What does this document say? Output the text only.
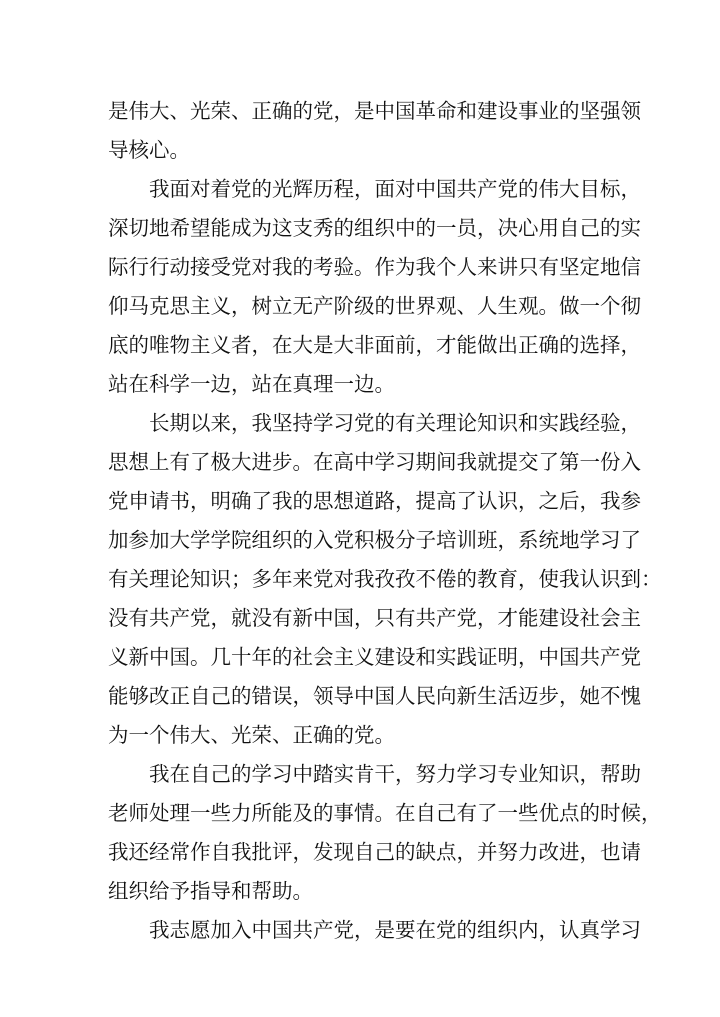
是伟大、光荣、正确的党，是中国革命和建设事业的坚强领
导核心。
我面对着党的光辉历程，面对中国共产党的伟大目标，
深切地希望能成为这支秀的组织中的一员，决心用自己的实
际行行动接受党对我的考验。作为我个人来讲只有坚定地信
仰马克思主义，树立无产阶级的世界观、人生观。做一个彻
底的唯物主义者，在大是大非面前，才能做出正确的选择，
站在科学一边，站在真理一边。
长期以来，我坚持学习党的有关理论知识和实践经验，
思想上有了极大进步。在高中学习期间我就提交了第一份入
党申请书，明确了我的思想道路，提高了认识，之后，我参
加参加大学学院组织的入党积极分子培训班，系统地学习了
有关理论知识；多年来党对我孜孜不倦的教育，使我认识到：
没有共产党，就没有新中国，只有共产党，才能建设社会主
义新中国。几十年的社会主义建设和实践证明，中国共产党
能够改正自己的错误，领导中国人民向新生活迈步，她不愧
为一个伟大、光荣、正确的党。
我在自己的学习中踏实肯干，努力学习专业知识，帮助
老师处理一些力所能及的事情。在自己有了一些优点的时候，
我还经常作自我批评，发现自己的缺点，并努力改进，也请
组织给予指导和帮助。
我志愿加入中国共产党，是要在党的组织内，认真学习
